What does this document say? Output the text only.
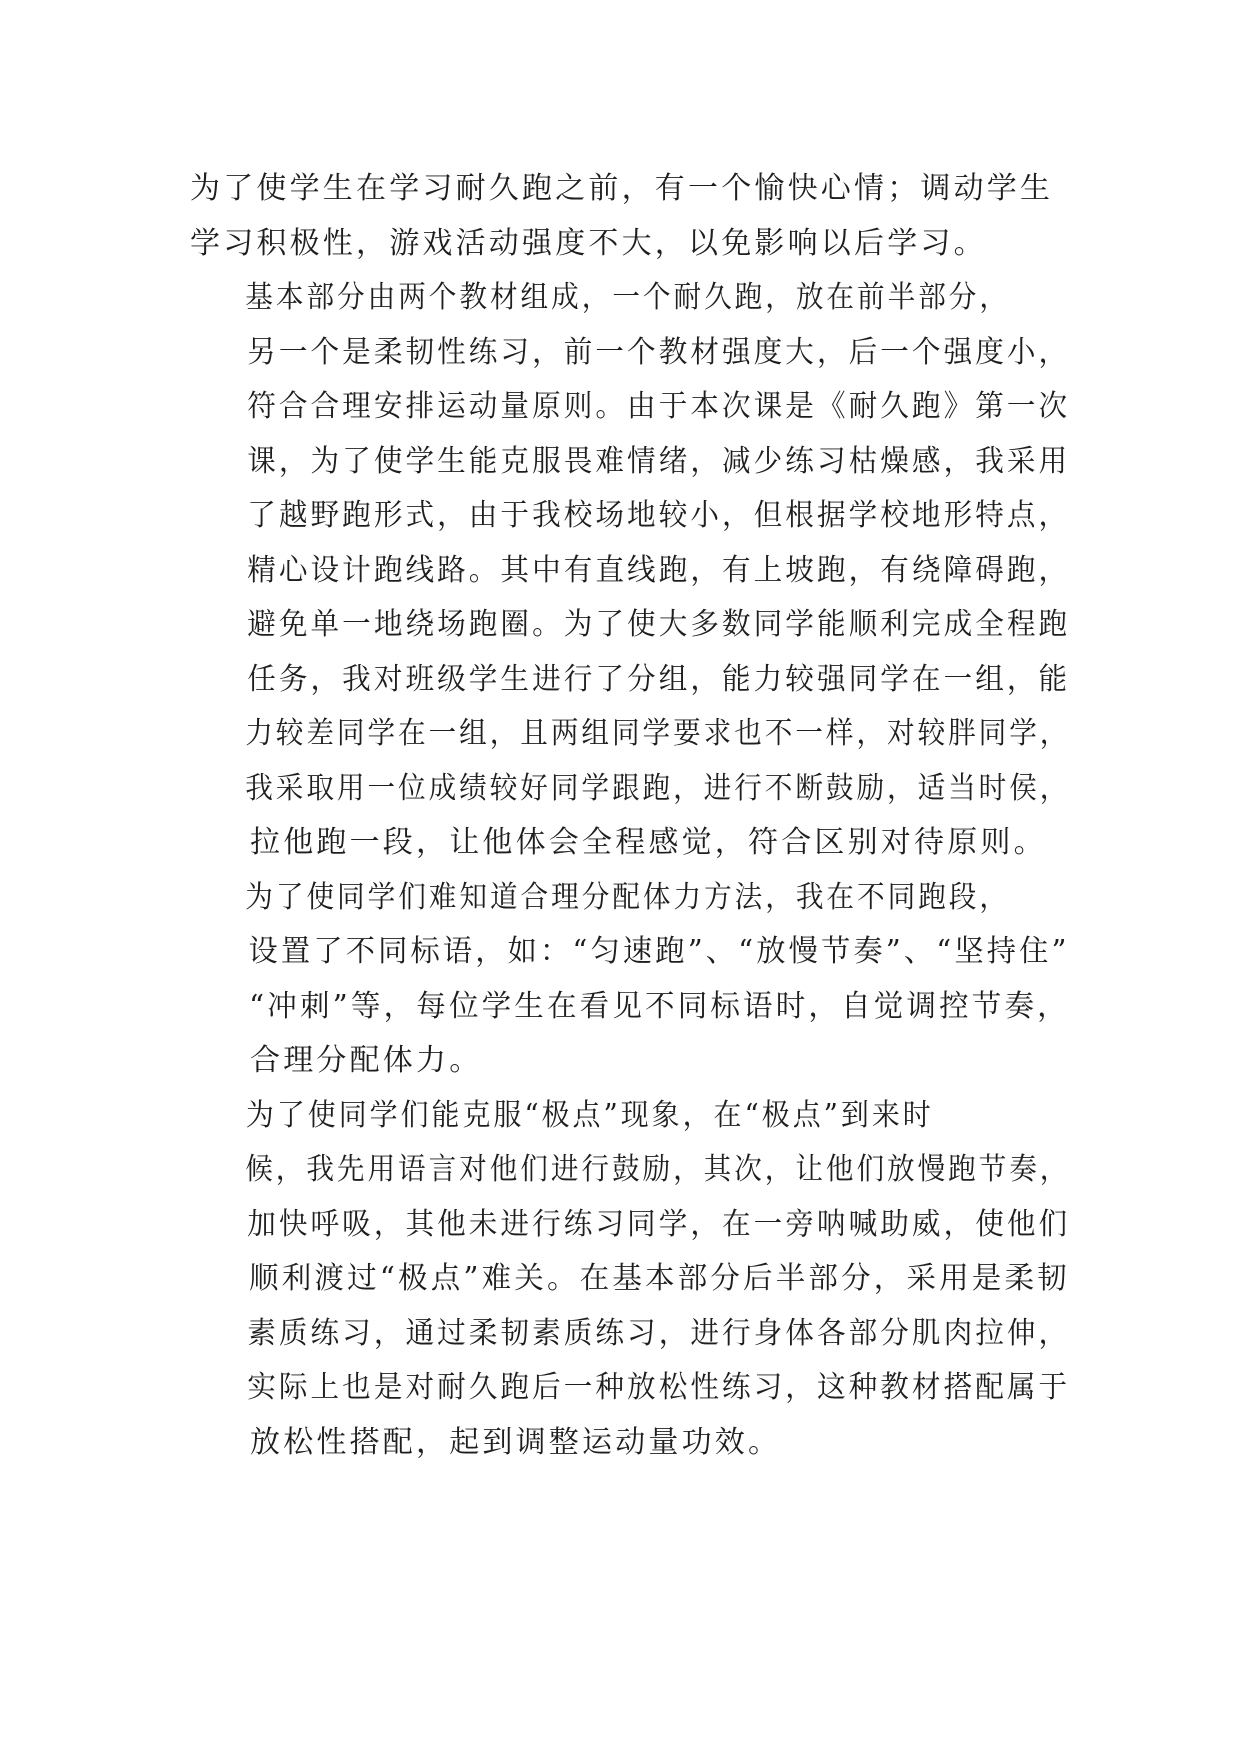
为了使学生在学习耐久跑之前，有一个愉快心情；调动学生
学习积极性，游戏活动强度不大，以免影响以后学习。

基本部分由两个教材组成，一个耐久跑，放在前半部分，
另一个是柔韧性练习，前一个教材强度大，后一个强度小，
符合合理安排运动量原则。由于本次课是《耐久跑》第一次
课，为了使学生能克服畏难情绪，减少练习枯燥感，我采用
了越野跑形式，由于我校场地较小，但根据学校地形特点，
精心设计跑线路。其中有直线跑，有上坡跑，有绕障碍跑，
避免单一地绕场跑圈。为了使大多数同学能顺利完成全程跑
任务，我对班级学生进行了分组，能力较强同学在一组，能
力较差同学在一组，且两组同学要求也不一样，对较胖同学，
我采取用一位成绩较好同学跟跑，进行不断鼓励，适当时侯，
拉他跑一段，让他体会全程感觉，符合区别对待原则。

为了使同学们难知道合理分配体力方法，我在不同跑段，
设置了不同标语，如：“匀速跑”、“放慢节奏”、“坚持住”
“冲刺”等，每位学生在看见不同标语时，自觉调控节奏，
合理分配体力。

为了使同学们能克服“极点”现象，在“极点”到来时
候，我先用语言对他们进行鼓励，其次，让他们放慢跑节奏，
加快呼吸，其他未进行练习同学，在一旁呐喊助威，使他们
顺利渡过“极点”难关。在基本部分后半部分，采用是柔韧
素质练习，通过柔韧素质练习，进行身体各部分肌肉拉伸，
实际上也是对耐久跑后一种放松性练习，这种教材搭配属于
放松性搭配，起到调整运动量功效。
